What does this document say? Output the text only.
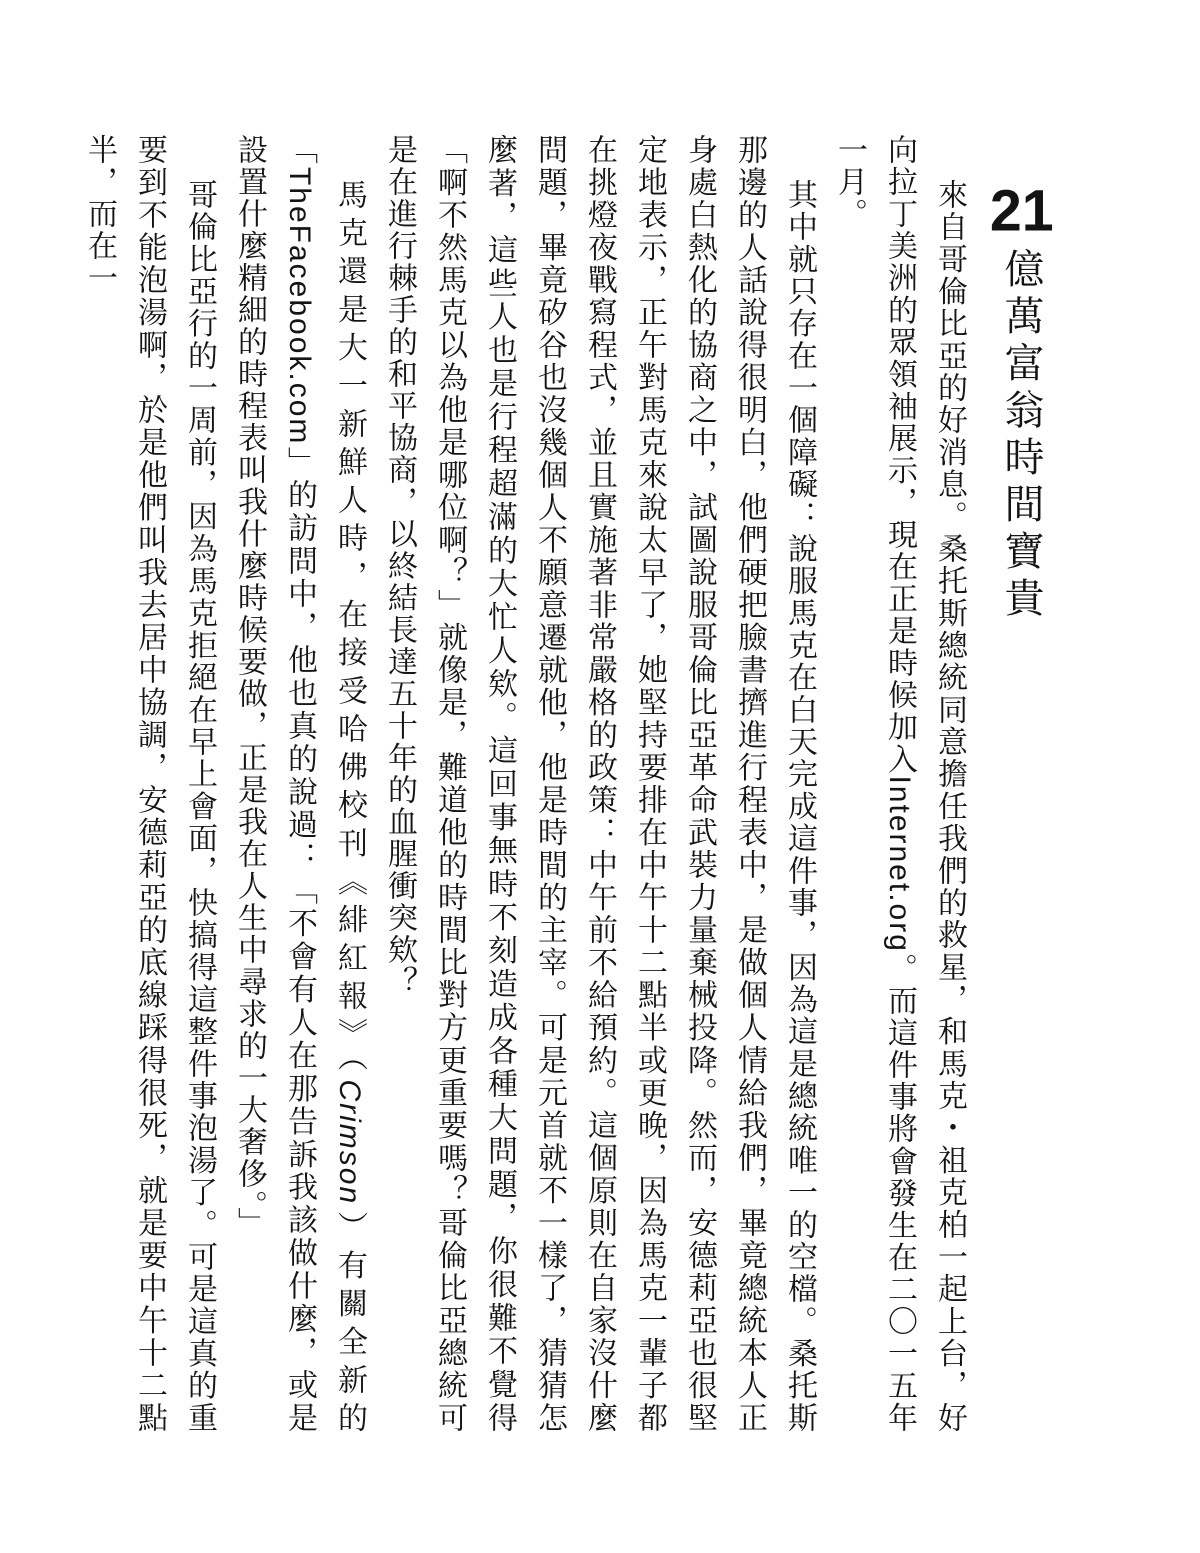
21億萬富翁時間寶貴

來自哥倫比亞的好消息。桑托斯總統同意擔任我們的救星，和馬克・祖克柏一起上台，好向拉丁美洲的眾領袖展示，現在正是時候加入Internet.org。而這件事將會發生在二〇一五年一月。

其中就只存在一個障礙：說服馬克在白天完成這件事，因為這是總統唯一的空檔。桑托斯那邊的人話說得很明白，他們硬把臉書擠進行程表中，是做個人情給我們，畢竟總統本人正身處白熱化的協商之中，試圖說服哥倫比亞革命武裝力量棄械投降。然而，安德莉亞也很堅定地表示，正午對馬克來說太早了，她堅持要排在中午十二點半或更晚，因為馬克一輩子都在挑燈夜戰寫程式，並且實施著非常嚴格的政策：中午前不給預約。這個原則在自家沒什麼問題，畢竟矽谷也沒幾個人不願意遷就他，他是時間的主宰。可是元首就不一樣了，猜猜怎麼著，這些人也是行程超滿的大忙人欸。這回事無時不刻造成各種大問題，你很難不覺得「啊不然馬克以為他是哪位啊？」就像是，難道他的時間比對方更重要嗎？哥倫比亞總統可是在進行棘手的和平協商，以終結長達五十年的血腥衝突欸？

馬克還是大一新鮮人時，在接受哈佛校刊《緋紅報》（Crimson）有關全新的「TheFacebook.com」的訪問中，他也真的說過：「不會有人在那告訴我該做什麼，或是設置什麼精細的時程表叫我什麼時候要做，正是我在人生中尋求的一大奢侈。」

哥倫比亞行的一周前，因為馬克拒絕在早上會面，快搞得這整件事泡湯了。可是這真的重要到不能泡湯啊，於是他們叫我去居中協調，安德莉亞的底線踩得很死，就是要中午十二點半，而在一
